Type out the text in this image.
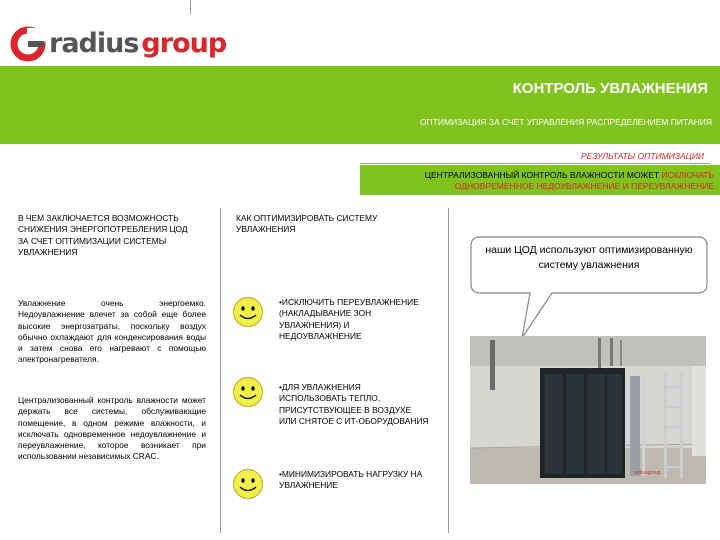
radius group
КОНТРОЛЬ УВЛАЖНЕНИЯ
ОПТИМИЗАЦИЯ ЗА СЧЕТ УПРАВЛЕНИЯ РАСПРЕДЕЛЕНИЕМ ПИТАНИЯ
РЕЗУЛЬТАТЫ ОПТИМИЗАЦИИ
ЦЕНТРАЛИЗОВАННЫЙ КОНТРОЛЬ ВЛАЖНОСТИ МОЖЕТ ИСКЛЮЧАТЬ
ОДНОВРЕМЕННОЕ НЕДОУВЛАЖНЕНИЕ И ПЕРЕУВЛАЖНЕНИЕ
В ЧЕМ ЗАКЛЮЧАЕТСЯ ВОЗМОЖНОСТЬ СНИЖЕНИЯ ЭНЕРГОПОТРЕБЛЕНИЯ ЦОД ЗА СЧЕТ ОПТИМИЗАЦИИ СИСТЕМЫ УВЛАЖНЕНИЯ
Увлажнение очень энергоемко. Недоувлажнение влечет за собой еще более высокие энергозатраты, поскольку воздух обычно охлаждают для конденсирования воды и затем снова его нагревают с помощью электронагревателя.
Централизованный контроль влажности может держать все системы, обслуживающие помещение, в одном режиме влажности, и исключать одновременное недоувлажнение и переувлажнение, которое возникает при использовании независимых CRAC.
КАК ОПТИМИЗИРОВАТЬ СИСТЕМУ УВЛАЖНЕНИЯ
•ИСКЛЮЧИТЬ ПЕРЕУВЛАЖНЕНИЕ (НАКЛАДЫВАНИЕ ЗОН УВЛАЖНЕНИЯ) И НЕДОУВЛАЖНЕНИЕ
•ДЛЯ УВЛАЖНЕНИЯ ИСПОЛЬЗОВАТЬ ТЕПЛО, ПРИСУТСТВУЮЩЕЕ В ВОЗДУХЕ ИЛИ СНЯТОЕ С ИТ-ОБОРУДОВАНИЯ
•МИНИМИЗИРОВАТЬ НАГРУЗКУ НА УВЛАЖНЕНИЕ
наши ЦОД используют оптимизированную систему увлажнения
radiusgroup
